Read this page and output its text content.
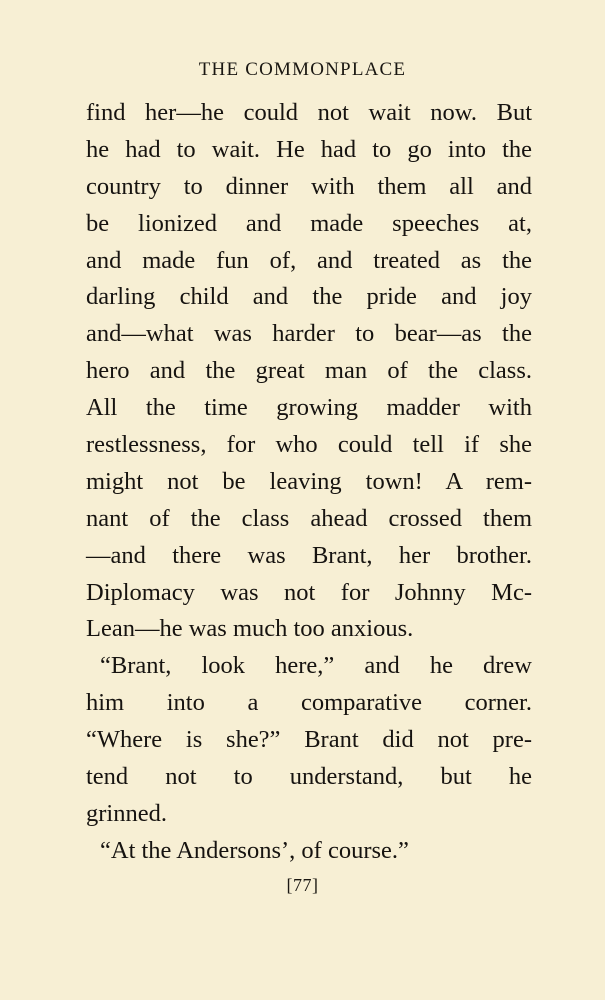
THE COMMONPLACE
find her—he could not wait now. But
he had to wait. He had to go into the
country to dinner with them all and
be lionized and made speeches at,
and made fun of, and treated as the
darling child and the pride and joy
and—what was harder to bear—as the
hero and the great man of the class.
All the time growing madder with
restlessness, for who could tell if she
might not be leaving town! A rem-
nant of the class ahead crossed them
—and there was Brant, her brother.
Diplomacy was not for Johnny Mc-
Lean—he was much too anxious.
“Brant, look here,” and he drew
him into a comparative corner.
“Where is she?” Brant did not pre-
tend not to understand, but he
grinned.
“At the Andersons’, of course.”
[77]
